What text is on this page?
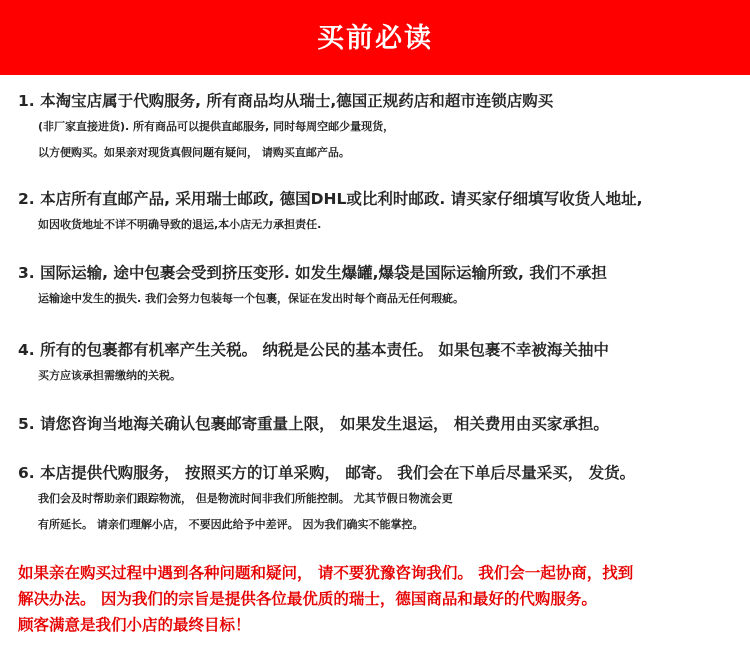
买前必读
1. 本淘宝店属于代购服务, 所有商品均从瑞士,德国正规药店和超市连锁店购买
(非厂家直接进货). 所有商品可以提供直邮服务, 同时每周空邮少量现货，
以方便购买。如果亲对现货真假问题有疑问， 请购买直邮产品。
2. 本店所有直邮产品, 采用瑞士邮政, 德国DHL或比利时邮政. 请买家仔细填写收货人地址,
如因收货地址不详不明确导致的退运,本小店无力承担责任.
3. 国际运输, 途中包裹会受到挤压变形. 如发生爆罐,爆袋是国际运输所致, 我们不承担
运输途中发生的损失. 我们会努力包装每一个包裹，保证在发出时每个商品无任何瑕疵。
4. 所有的包裹都有机率产生关税。 纳税是公民的基本责任。 如果包裹不幸被海关抽中
买方应该承担需缴纳的关税。
5. 请您咨询当地海关确认包裹邮寄重量上限， 如果发生退运， 相关费用由买家承担。
6. 本店提供代购服务， 按照买方的订单采购， 邮寄。 我们会在下单后尽量采买， 发货。
我们会及时帮助亲们跟踪物流， 但是物流时间非我们所能控制。 尤其节假日物流会更
有所延长。 请亲们理解小店， 不要因此给予中差评。 因为我们确实不能掌控。
如果亲在购买过程中遇到各种问题和疑问， 请不要犹豫咨询我们。 我们会一起协商，找到
解决办法。 因为我们的宗旨是提供各位最优质的瑞士，德国商品和最好的代购服务。
顾客满意是我们小店的最终目标！
